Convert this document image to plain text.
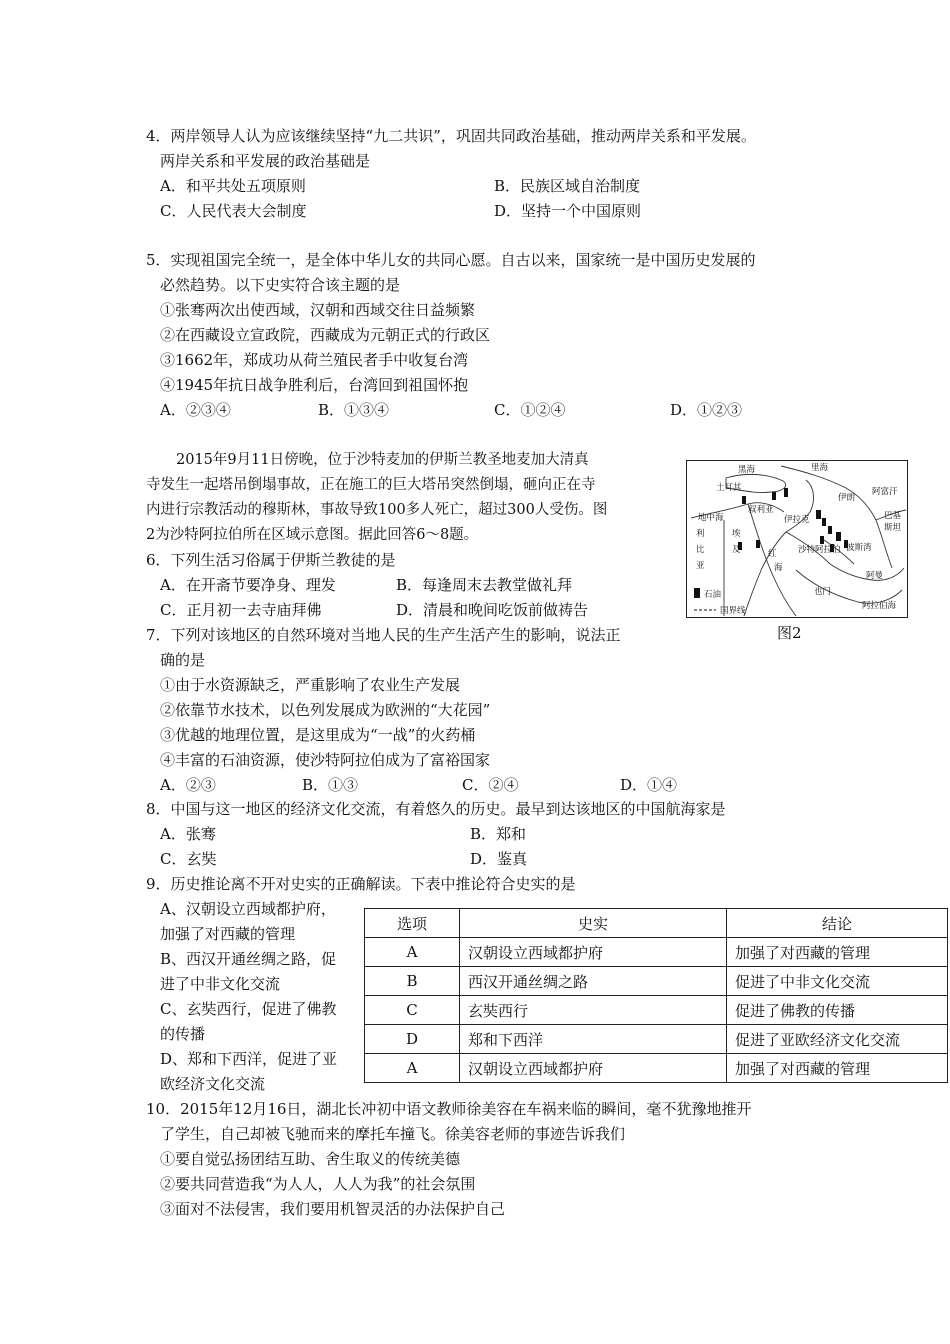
4．两岸领导人认为应该继续坚持“九二共识”，巩固共同政治基础，推动两岸关系和平发展。
两岸关系和平发展的政治基础是
A．和平共处五项原则	B．民族区域自治制度
C．人民代表大会制度	D．坚持一个中国原则
5．实现祖国完全统一，是全体中华儿女的共同心愿。自古以来，国家统一是中国历史发展的
必然趋势。以下史实符合该主题的是
①张骞两次出使西域，汉朝和西域交往日益频繁
②在西藏设立宣政院，西藏成为元朝正式的行政区
③1662年，郑成功从荷兰殖民者手中收复台湾
④1945年抗日战争胜利后，台湾回到祖国怀抱
A．②③④	B．①③④	C．①②④	D．①②③
2015年9月11日傍晚，位于沙特麦加的伊斯兰教圣地麦加大清真
寺发生一起塔吊倒塌事故，正在施工的巨大塔吊突然倒塌，砸向正在寺
内进行宗教活动的穆斯林，事故导致100多人死亡，超过300人受伤。图
2为沙特阿拉伯所在区域示意图。据此回答6～8题。
黑海	里海
土耳其
伊朗
叙利亚
伊拉克
地中海
埃
及
利
比
亚
红
海
沙特阿拉伯
阿富汗
巴基
斯坦
波斯湾
也门
阿曼
阿拉伯海
石油
国界线
图2
6．下列生活习俗属于伊斯兰教徒的是
A．在开斋节要净身、理发	B．每逢周末去教堂做礼拜
C．正月初一去寺庙拜佛	D．清晨和晚间吃饭前做祷告
7．下列对该地区的自然环境对当地人民的生产生活产生的影响，说法正
确的是
①由于水资源缺乏，严重影响了农业生产发展
②依靠节水技术，以色列发展成为欧洲的“大花园”
③优越的地理位置，是这里成为“一战”的火药桶
④丰富的石油资源，使沙特阿拉伯成为了富裕国家
A．②③	B．①③	C．②④	D．①④
8．中国与这一地区的经济文化交流，有着悠久的历史。最早到达该地区的中国航海家是
A．张骞	B．郑和
C．玄奘	D．鉴真
9．历史推论离不开对史实的正确解读。下表中推论符合史实的是
A、汉朝设立西域都护府，
加强了对西藏的管理
B、西汉开通丝绸之路，促
进了中非文化交流
C、玄奘西行，促进了佛教
的传播
D、郑和下西洋，促进了亚
欧经济文化交流
选项	史实	结论
A	汉朝设立西域都护府	加强了对西藏的管理
B	西汉开通丝绸之路	促进了中非文化交流
C	玄奘西行	促进了佛教的传播
D	郑和下西洋	促进了亚欧经济文化交流
A	汉朝设立西域都护府	加强了对西藏的管理
10．2015年12月16日，湖北长冲初中语文教师徐美容在车祸来临的瞬间，毫不犹豫地推开
了学生，自己却被飞驰而来的摩托车撞飞。徐美容老师的事迹告诉我们
①要自觉弘扬团结互助、舍生取义的传统美德
②要共同营造我“为人人，人人为我”的社会氛围
③面对不法侵害，我们要用机智灵活的办法保护自己
